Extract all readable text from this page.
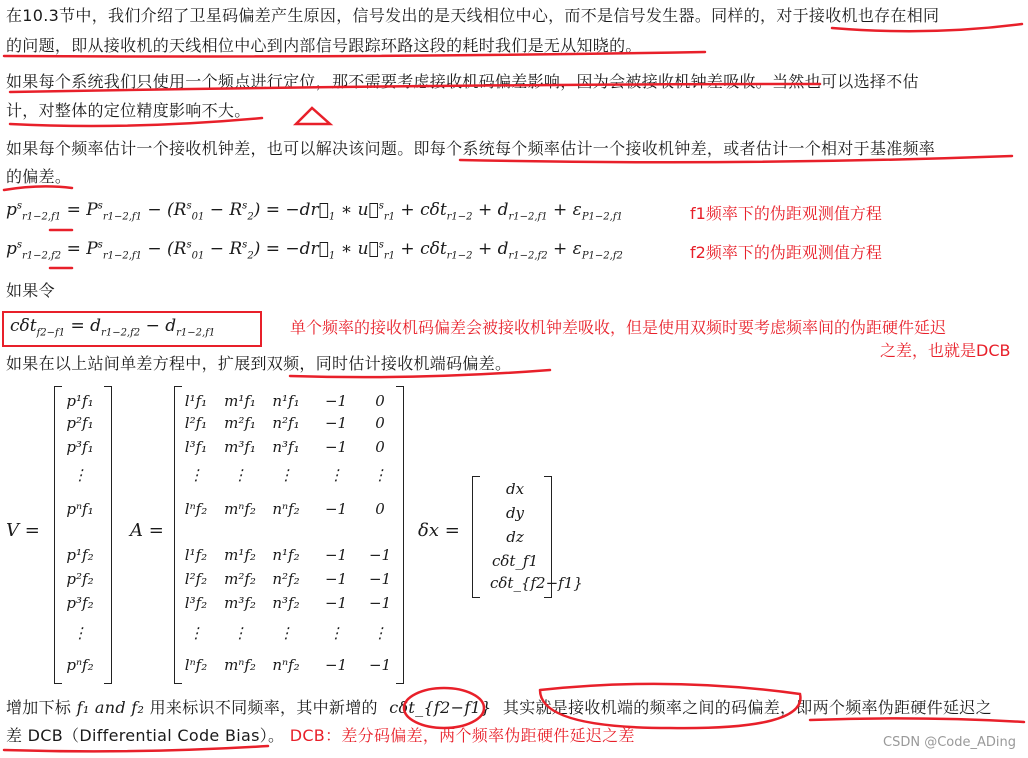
在10.3节中，我们介绍了卫星码偏差产生原因，信号发出的是天线相位中心，而不是信号发生器。同样的，对于接收机也存在相同
的问题，即从接收机的天线相位中心到内部信号跟踪环路这段的耗时我们是无从知晓的。
如果每个系统我们只使用一个频点进行定位，那不需要考虑接收机码偏差影响，因为会被接收机钟差吸收。当然也可以选择不估
计，对整体的定位精度影响不大。
如果每个频率估计一个接收机钟差，也可以解决该问题。即每个系统每个频率估计一个接收机钟差，或者估计一个相对于基准频率
的偏差。
$p^s_{r1-2,f1} = P^s_{r1-2,f1} - (R^s_{01} - R^s_2)$ = $-dr⃗_1$ ∗ u⃗$^s_{r1}$ + $c\delta t_{r1-2} + d_{r1-2,f1} + \varepsilon_{P1-2,f1}$	f1频率下的伪距观测值方程
$p^s_{r1-2,f2} = P^s_{r1-2,f1} - (R^s_{01} - R^s_2)$ = $-dr⃗_1$ ∗ u⃗$^s_{r1}$ + $c\delta t_{r1-2} + d_{r1-2,f2} + \varepsilon_{P1-2,f2}$	f2频率下的伪距观测值方程
如果令
$c\delta t_{f2-f1} = d_{r1-2,f2} - d_{r1-2,f1}$	单个频率的接收机码偏差会被接收机钟差吸收，但是使用双频时要考虑频率间的伪距硬件延迟
之差，也就是DCB
如果在以上站间单差方程中，扩展到双频，同时估计接收机端码偏差。
V =
p¹f₁
p²f₁
p³f₁
⋮
pⁿf₁
p¹f₂
p²f₂
p³f₂
⋮
pⁿf₂
A =
l¹f₁	m¹f₁	n¹f₁	−1	0
l²f₁	m²f₁	n²f₁	−1	0
l³f₁	m³f₁	n³f₁	−1	0
⋮	⋮	⋮	⋮	⋮
lⁿf₂	mⁿf₂	nⁿf₂	−1	0
l¹f₂	m¹f₂	n¹f₂	−1	−1
l²f₂	m²f₂	n²f₂	−1	−1
l³f₂	m³f₂	n³f₂	−1	−1
⋮	⋮	⋮	⋮	⋮
lⁿf₂	mⁿf₂	nⁿf₂	−1	−1
δx =
dx
dy
dz
cδt_f1
cδt_{f2−f1}
增加下标 f₁ and f₂ 用来标识不同频率，其中新增的 cδt_{f2−f1} 其实就是接收机端的频率之间的码偏差，即两个频率伪距硬件延迟之
差 DCB（Differential Code Bias）。 DCB：差分码偏差，两个频率伪距硬件延迟之差	CSDN @Code_ADing
